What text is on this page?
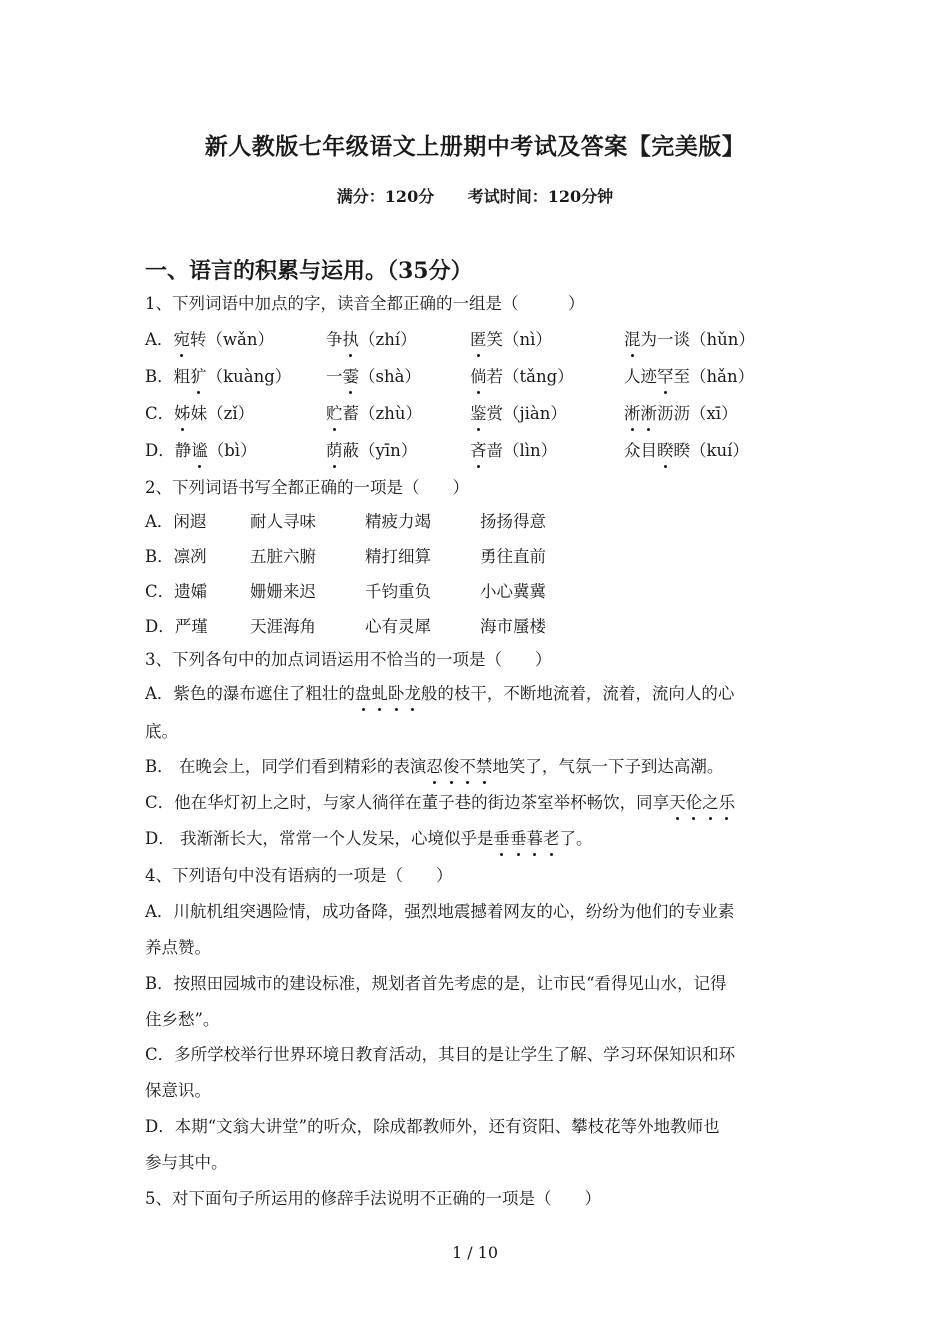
新人教版七年级语文上册期中考试及答案【完美版】
满分：120分 考试时间：120分钟
一、语言的积累与运用。（35分）
1、下列词语中加点的字，读音全都正确的一组是（　　　）
A．宛转（wǎn）	争执（zhí）	匿笑（nì）	混为一谈（hǔn）
B．粗犷（kuàng） 一霎（shà）	倘若（tǎng）	人迹罕至（hǎn）
C．姊妹（zǐ）	贮蓄（zhù）	鉴赏（jiàn）	淅淅沥沥（xī）
D．静谧（bì）	荫蔽（yīn）	吝啬（lìn）	众目睽睽（kuí）
2、下列词语书写全都正确的一项是（　　）
A．闲遐	耐人寻味	精疲力竭	扬扬得意
B．凛冽	五脏六腑	精打细算	勇往直前
C．遗孀	姗姗来迟	千钧重负	小心冀冀
D．严瑾	天涯海角	心有灵犀	海市蜃楼
3、下列各句中的加点词语运用不恰当的一项是（　　）
A．紫色的瀑布遮住了粗壮的盘虬卧龙般的枝干，不断地流着，流着，流向人的心
底。
B． 在晚会上，同学们看到精彩的表演忍俊不禁地笑了，气氛一下子到达高潮。
C．他在华灯初上之时，与家人徜徉在董子巷的街边茶室举杯畅饮，同享天伦之乐
D． 我渐渐长大，常常一个人发呆，心境似乎是垂垂暮老了。
4、下列语句中没有语病的一项是（　　）
A．川航机组突遇险情，成功备降，强烈地震撼着网友的心，纷纷为他们的专业素
养点赞。
B．按照田园城市的建设标准，规划者首先考虑的是，让市民“看得见山水，记得
住乡愁”。
C．多所学校举行世界环境日教育活动，其目的是让学生了解、学习环保知识和环
保意识。
D．本期“文翁大讲堂”的听众，除成都教师外，还有资阳、攀枝花等外地教师也
参与其中。
5、对下面句子所运用的修辞手法说明不正确的一项是（　　）
1 / 10
